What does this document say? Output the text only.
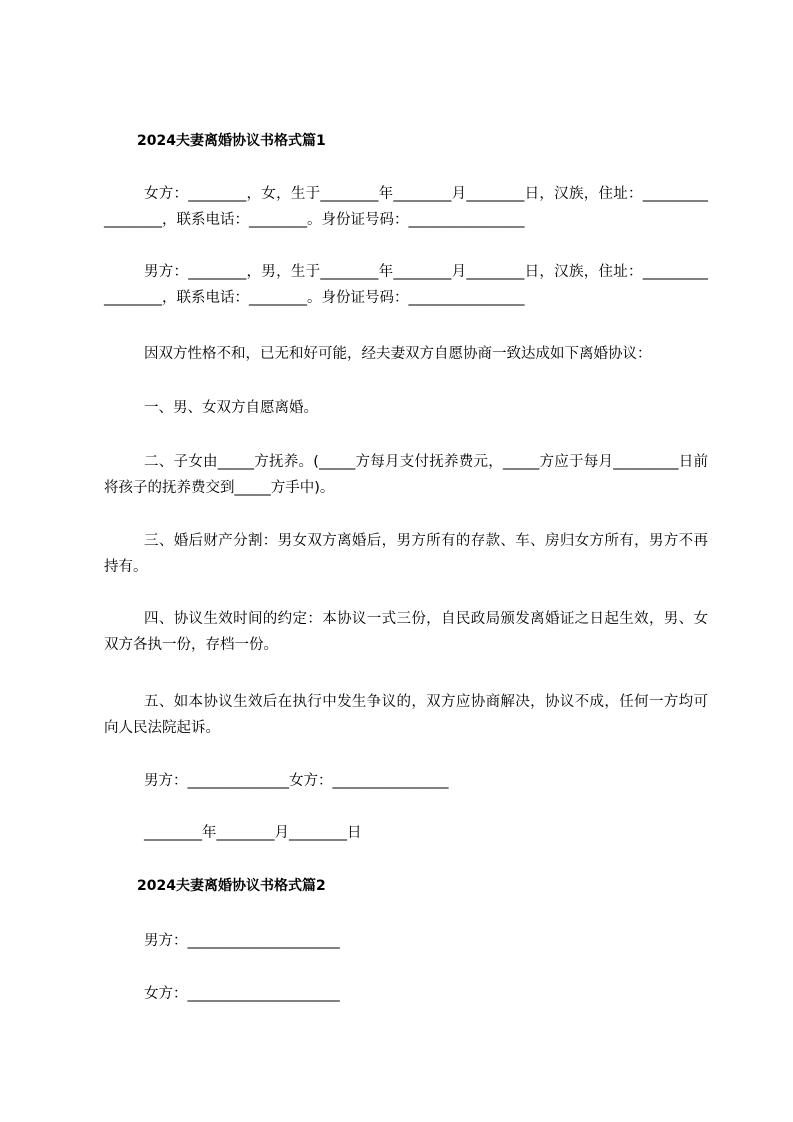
2024夫妻离婚协议书格式篇1
女方：________，女，生于________年________月________日，汉族，住址：_________________，联系电话：________。身份证号码：________________
男方：________，男，生于________年________月________日，汉族，住址：_________________，联系电话：________。身份证号码：________________
因双方性格不和，已无和好可能，经夫妻双方自愿协商一致达成如下离婚协议：
一、男、女双方自愿离婚。
二、子女由_____方抚养。(_____方每月支付抚养费元，_____方应于每月_________日前将孩子的抚养费交到_____方手中)。
三、婚后财产分割：男女双方离婚后，男方所有的存款、车、房归女方所有，男方不再持有。
四、协议生效时间的约定：本协议一式三份，自民政局颁发离婚证之日起生效，男、女双方各执一份，存档一份。
五、如本协议生效后在执行中发生争议的，双方应协商解决，协议不成，任何一方均可向人民法院起诉。
男方：______________女方：________________
________年________月________日
2024夫妻离婚协议书格式篇2
男方：_____________________
女方：_____________________
